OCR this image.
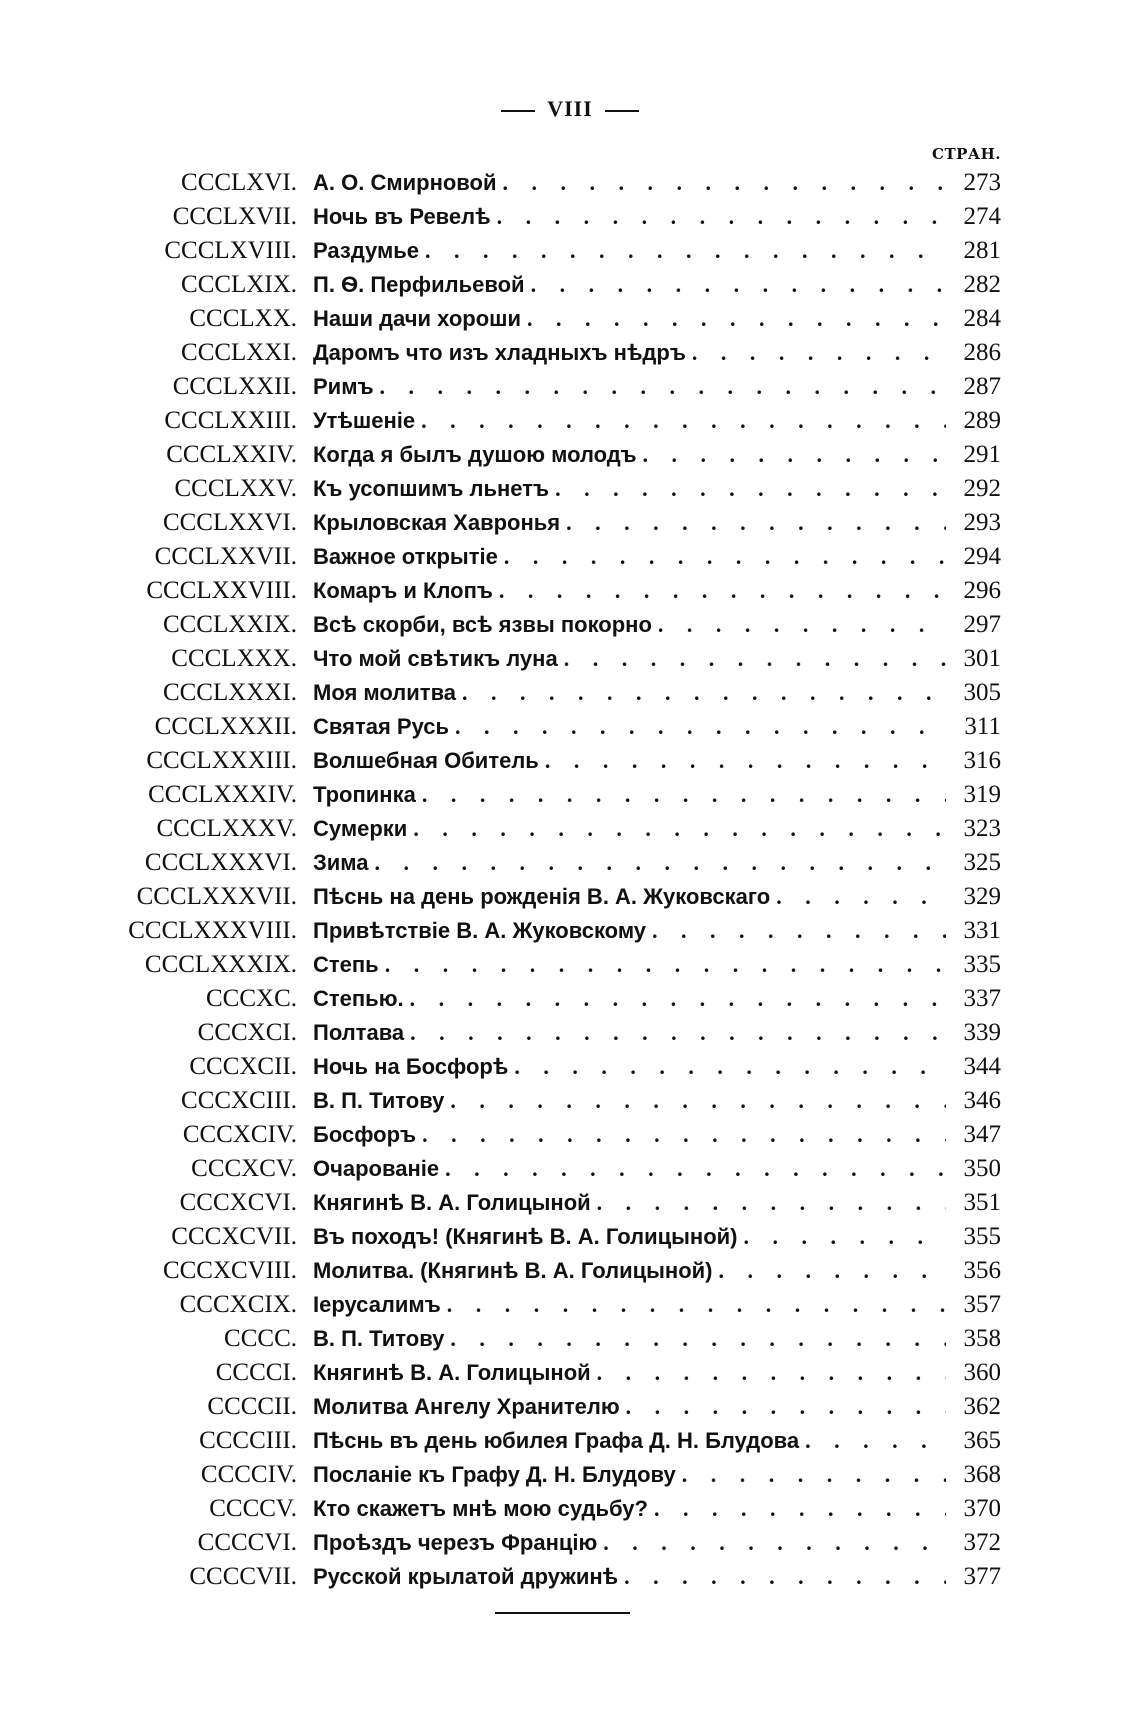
VIII
СТРАН.
CCCLXVI. А. О. Смирновой . . .	273
CCCLXVII. Ночь въ Ревелѣ . . .	274
CCCLXVIII. Раздумье . . .	281
CCCLXIX. П. Ѳ. Перфильевой . . .	282
CCCLXX. Наши дачи хороши . . .	284
CCCLXXI. Даромъ что изъ хладныхъ нѣдръ . . .	286
CCCLXXII. Римъ . . .	287
CCCLXXIII. Утѣшеніе . . .	289
CCCLXXIV. Когда я былъ душою молодъ . . .	291
CCCLXXV. Къ усопшимъ льнетъ . . .	292
CCCLXXVI. Крыловская Хавронья . . .	293
CCCLXXVII. Важное открытіе . . .	294
CCCLXXVIII. Комаръ и Клопъ . . .	296
CCCLXXIX. Всѣ скорби, всѣ язвы покорно . . .	297
CCCLXXX. Что мой свѣтикъ луна . . .	301
CCCLXXXI. Моя молитва . . .	305
CCCLXXXII. Святая Русь . . .	311
CCCLXXXIII. Волшебная Обитель . . .	316
CCCLXXXIV. Тропинка . . .	319
CCCLXXXV. Сумерки . . .	323
CCCLXXXVI. Зима . . .	325
CCCLXXXVII. Пѣснь на день рожденія В. А. Жуковскаго . . .	329
CCCLXXXVIII. Привѣтствіе В. А. Жуковскому . . .	331
CCCLXXXIX. Степь . . .	335
CCCXC. Степью. . . .	337
CCCXCI. Полтава . . .	339
CCCXCII. Ночь на Босфорѣ . . .	344
CCCXCIII. В. П. Титову . . .	346
CCCXCIV. Босфоръ . . .	347
CCCXCV. Очарованіе . . .	350
CCCXCVI. Княгинѣ В. А. Голицыной . . .	351
CCCXCVII. Въ походъ! (Княгинѣ В. А. Голицыной) . . .	355
CCCXCVIII. Молитва. (Княгинѣ В. А. Голицыной) . . .	356
CCCXCIX. Іерусалимъ . . .	357
CCCC. В. П. Титову . . .	358
CCCCI. Княгинѣ В. А. Голицыной . . .	360
CCCCII. Молитва Ангелу Хранителю . . .	362
CCCCIII. Пѣснь въ день юбилея Графа Д. Н. Блудова . . .	365
CCCCIV. Посланіе къ Графу Д. Н. Блудову . . .	368
CCCCV. Кто скажетъ мнѣ мою судьбу? . . .	370
CCCCVI. Проѣздъ черезъ Францію . . .	372
CCCCVII. Русской крылатой дружинѣ . . .	377
